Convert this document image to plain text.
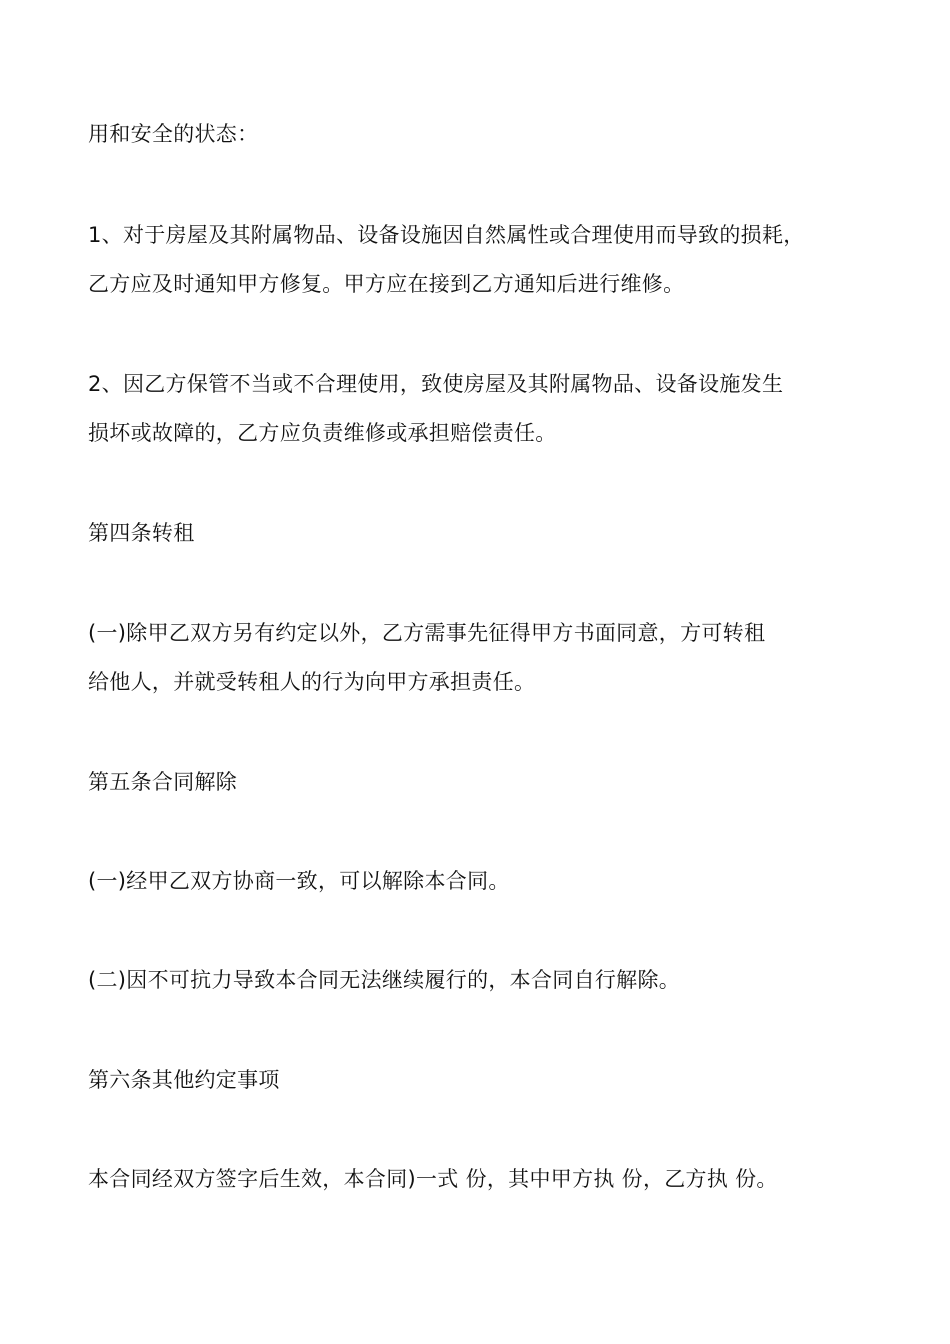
用和安全的状态：

1、对于房屋及其附属物品、设备设施因自然属性或合理使用而导致的损耗，
乙方应及时通知甲方修复。甲方应在接到乙方通知后进行维修。

2、因乙方保管不当或不合理使用，致使房屋及其附属物品、设备设施发生
损坏或故障的，乙方应负责维修或承担赔偿责任。

第四条转租

(一)除甲乙双方另有约定以外，乙方需事先征得甲方书面同意，方可转租
给他人，并就受转租人的行为向甲方承担责任。

第五条合同解除

(一)经甲乙双方协商一致，可以解除本合同。

(二)因不可抗力导致本合同无法继续履行的，本合同自行解除。

第六条其他约定事项

本合同经双方签字后生效，本合同)一式 份，其中甲方执 份，乙方执 份。
